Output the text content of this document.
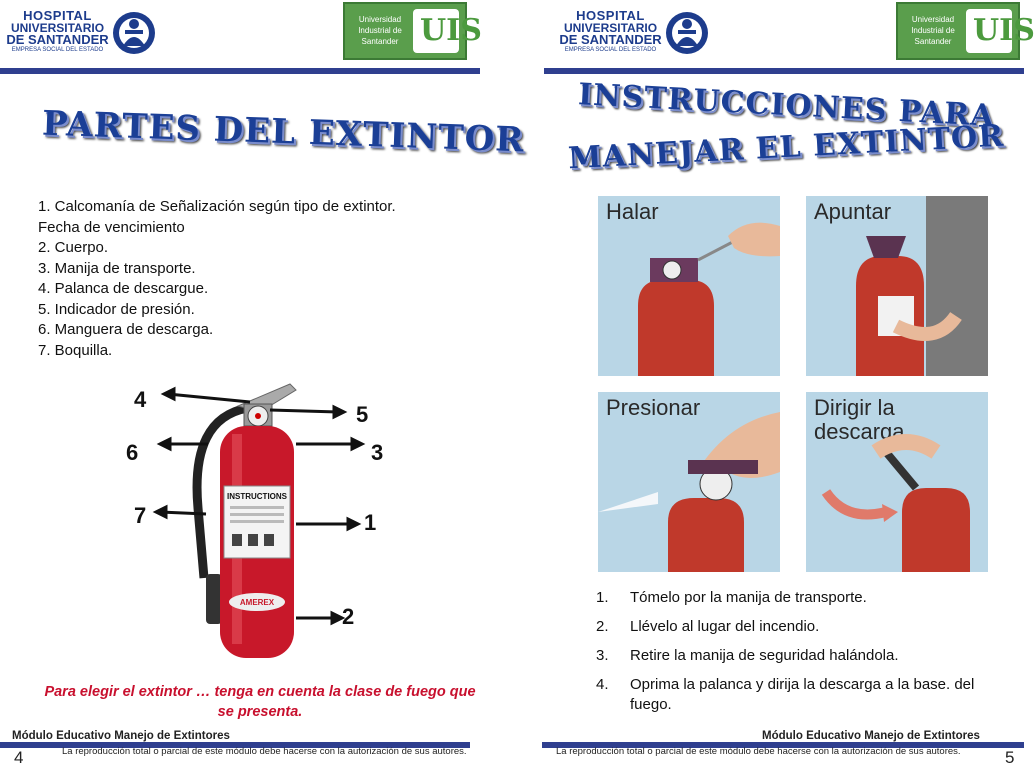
HOSPITAL
UNIVERSITARIO
DE SANTANDER
EMPRESA SOCIAL DEL ESTADO
Universidad
Industrial de
Santander UIS
PARTES DEL EXTINTOR
1. Calcomanía de Señalización según tipo de extintor.
Fecha de vencimiento
2. Cuerpo.
3. Manija de transporte.
4. Palanca de descargue.
5. Indicador de presión.
6. Manguera de descarga.
7. Boquilla.
INSTRUCTIONS
AMEREX
4
5
6	3
7	1
2
Para elegir el extintor … tenga en cuenta la clase de fuego que se presenta.
Módulo Educativo Manejo de Extintores
La reproducción total o parcial de este módulo debe hacerse con la autorización de sus autores.
4
HOSPITAL
UNIVERSITARIO
DE SANTANDER
EMPRESA SOCIAL DEL ESTADO
Universidad
Industrial de
Santander UIS
INSTRUCCIONES PARA
MANEJAR EL EXTINTOR
Halar	Apuntar
Presionar	Dirigir la descarga
1. Tómelo por la manija de transporte.
2. Llévelo al lugar del incendio.
3. Retire la manija de seguridad halándola.
4. Oprima la palanca y dirija la descarga a la base. del fuego.
Módulo Educativo Manejo de Extintores
La reproducción total o parcial de este módulo debe hacerse con la autorización de sus autores.	5
